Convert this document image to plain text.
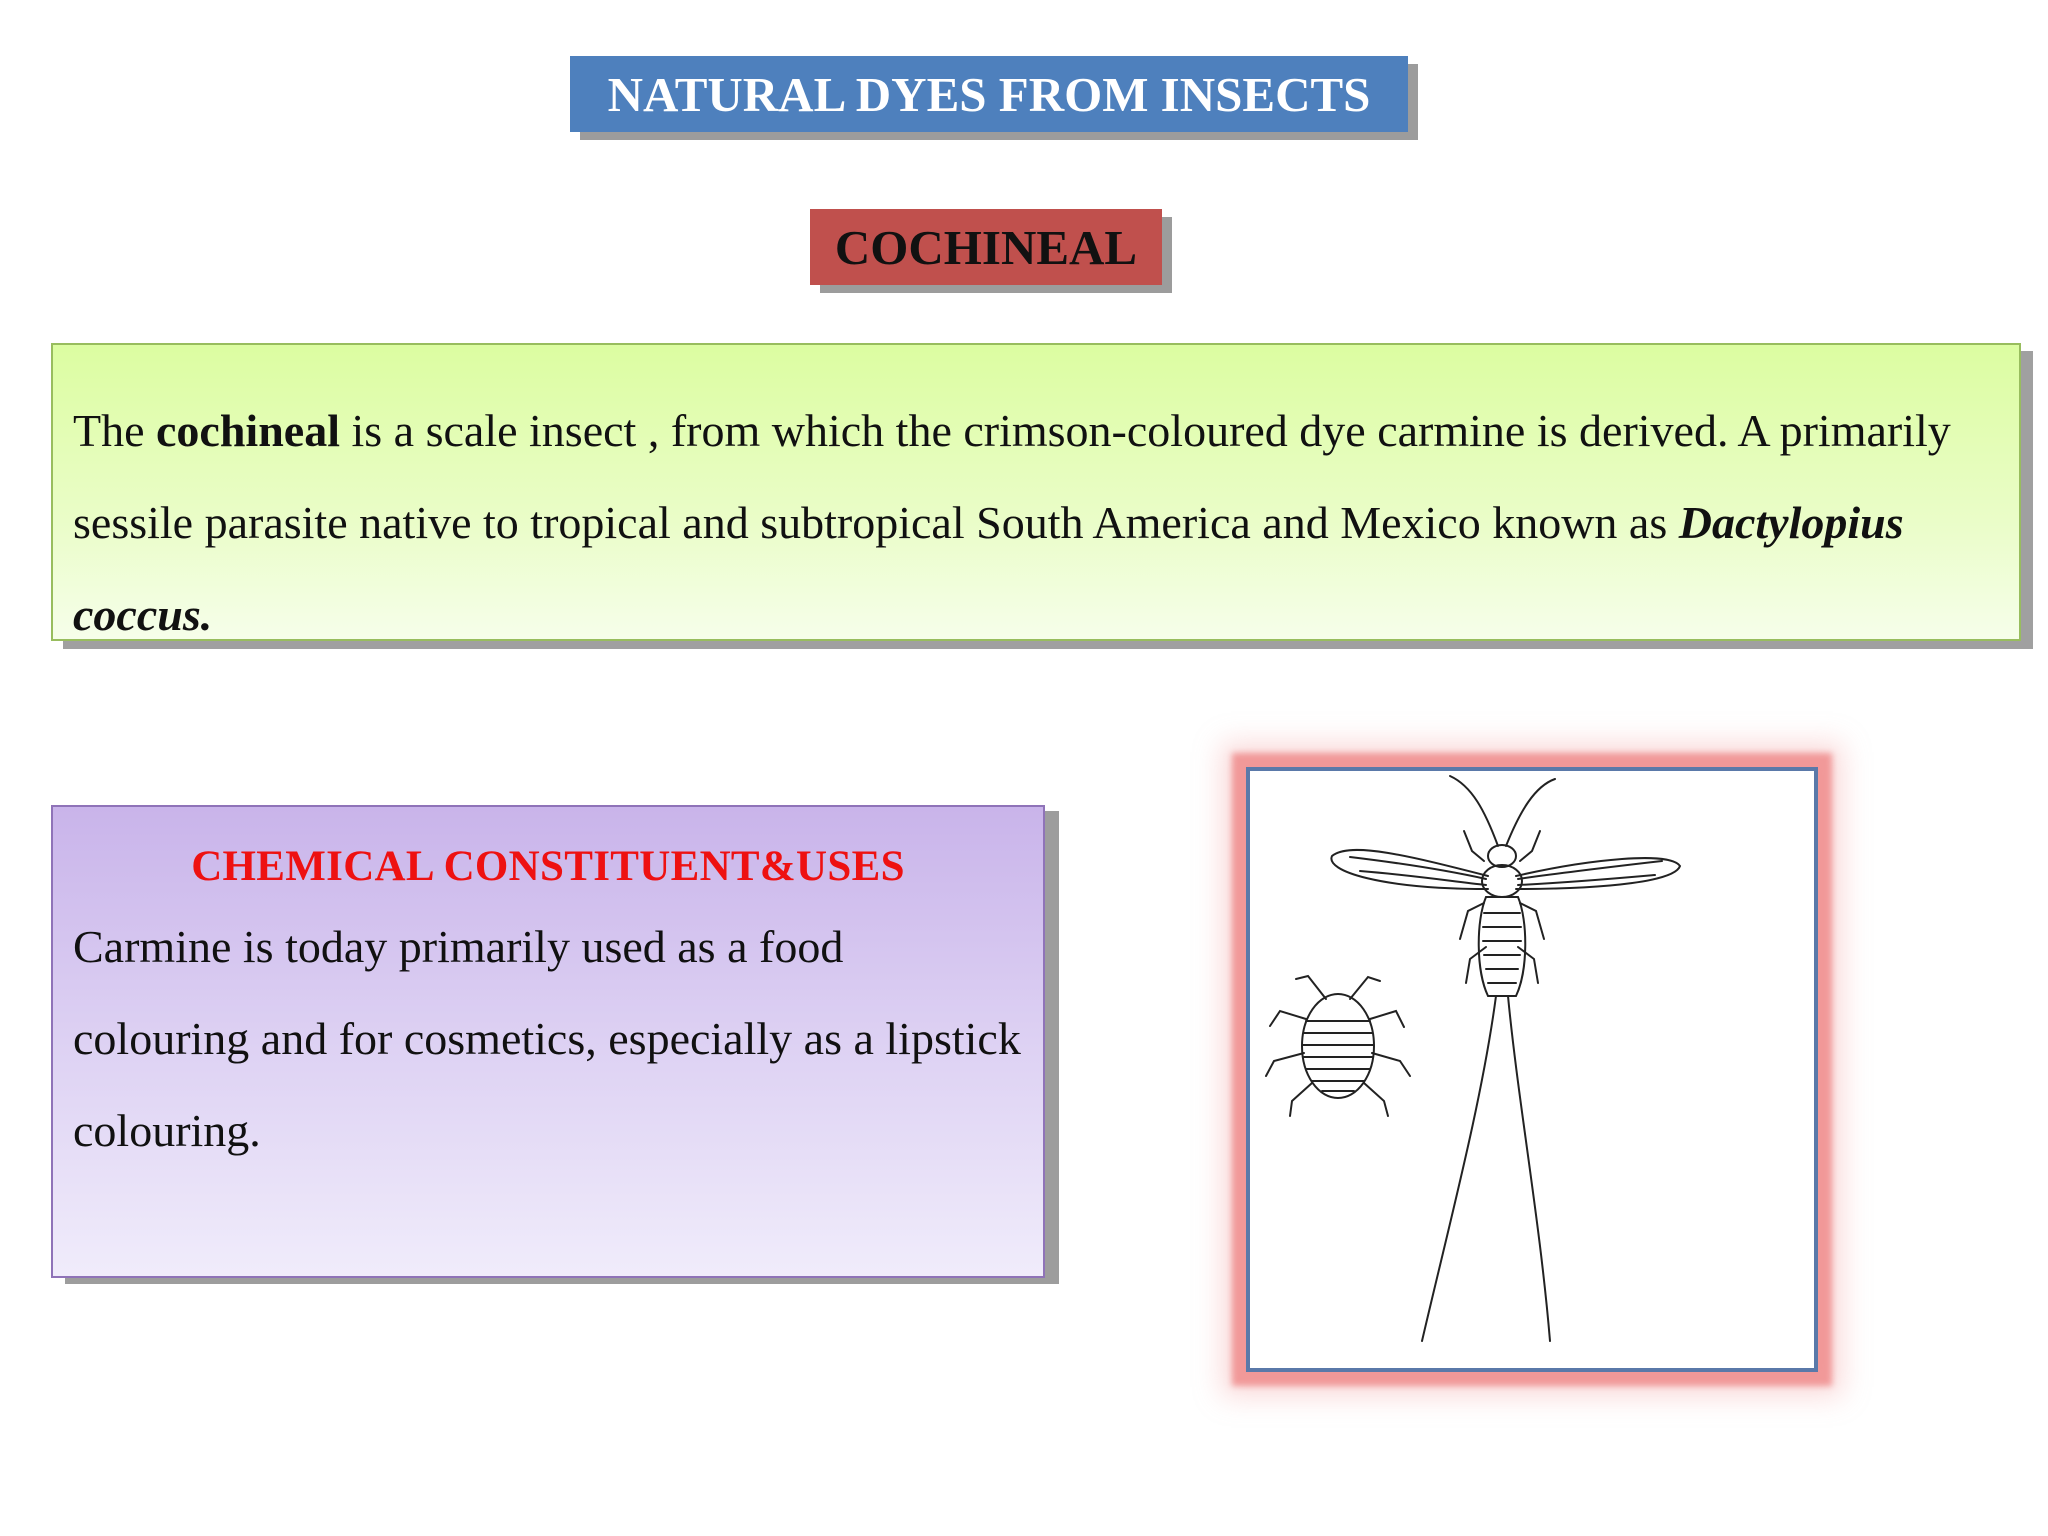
NATURAL DYES FROM INSECTS
COCHINEAL

The cochineal is a scale insect , from which the crimson-coloured dye carmine is derived. A primarily sessile parasite native to tropical and subtropical South America and Mexico known as Dactylopius coccus.

CHEMICAL CONSTITUENT&USES

Carmine is today primarily used as a food colouring and for cosmetics, especially as a lipstick colouring.
